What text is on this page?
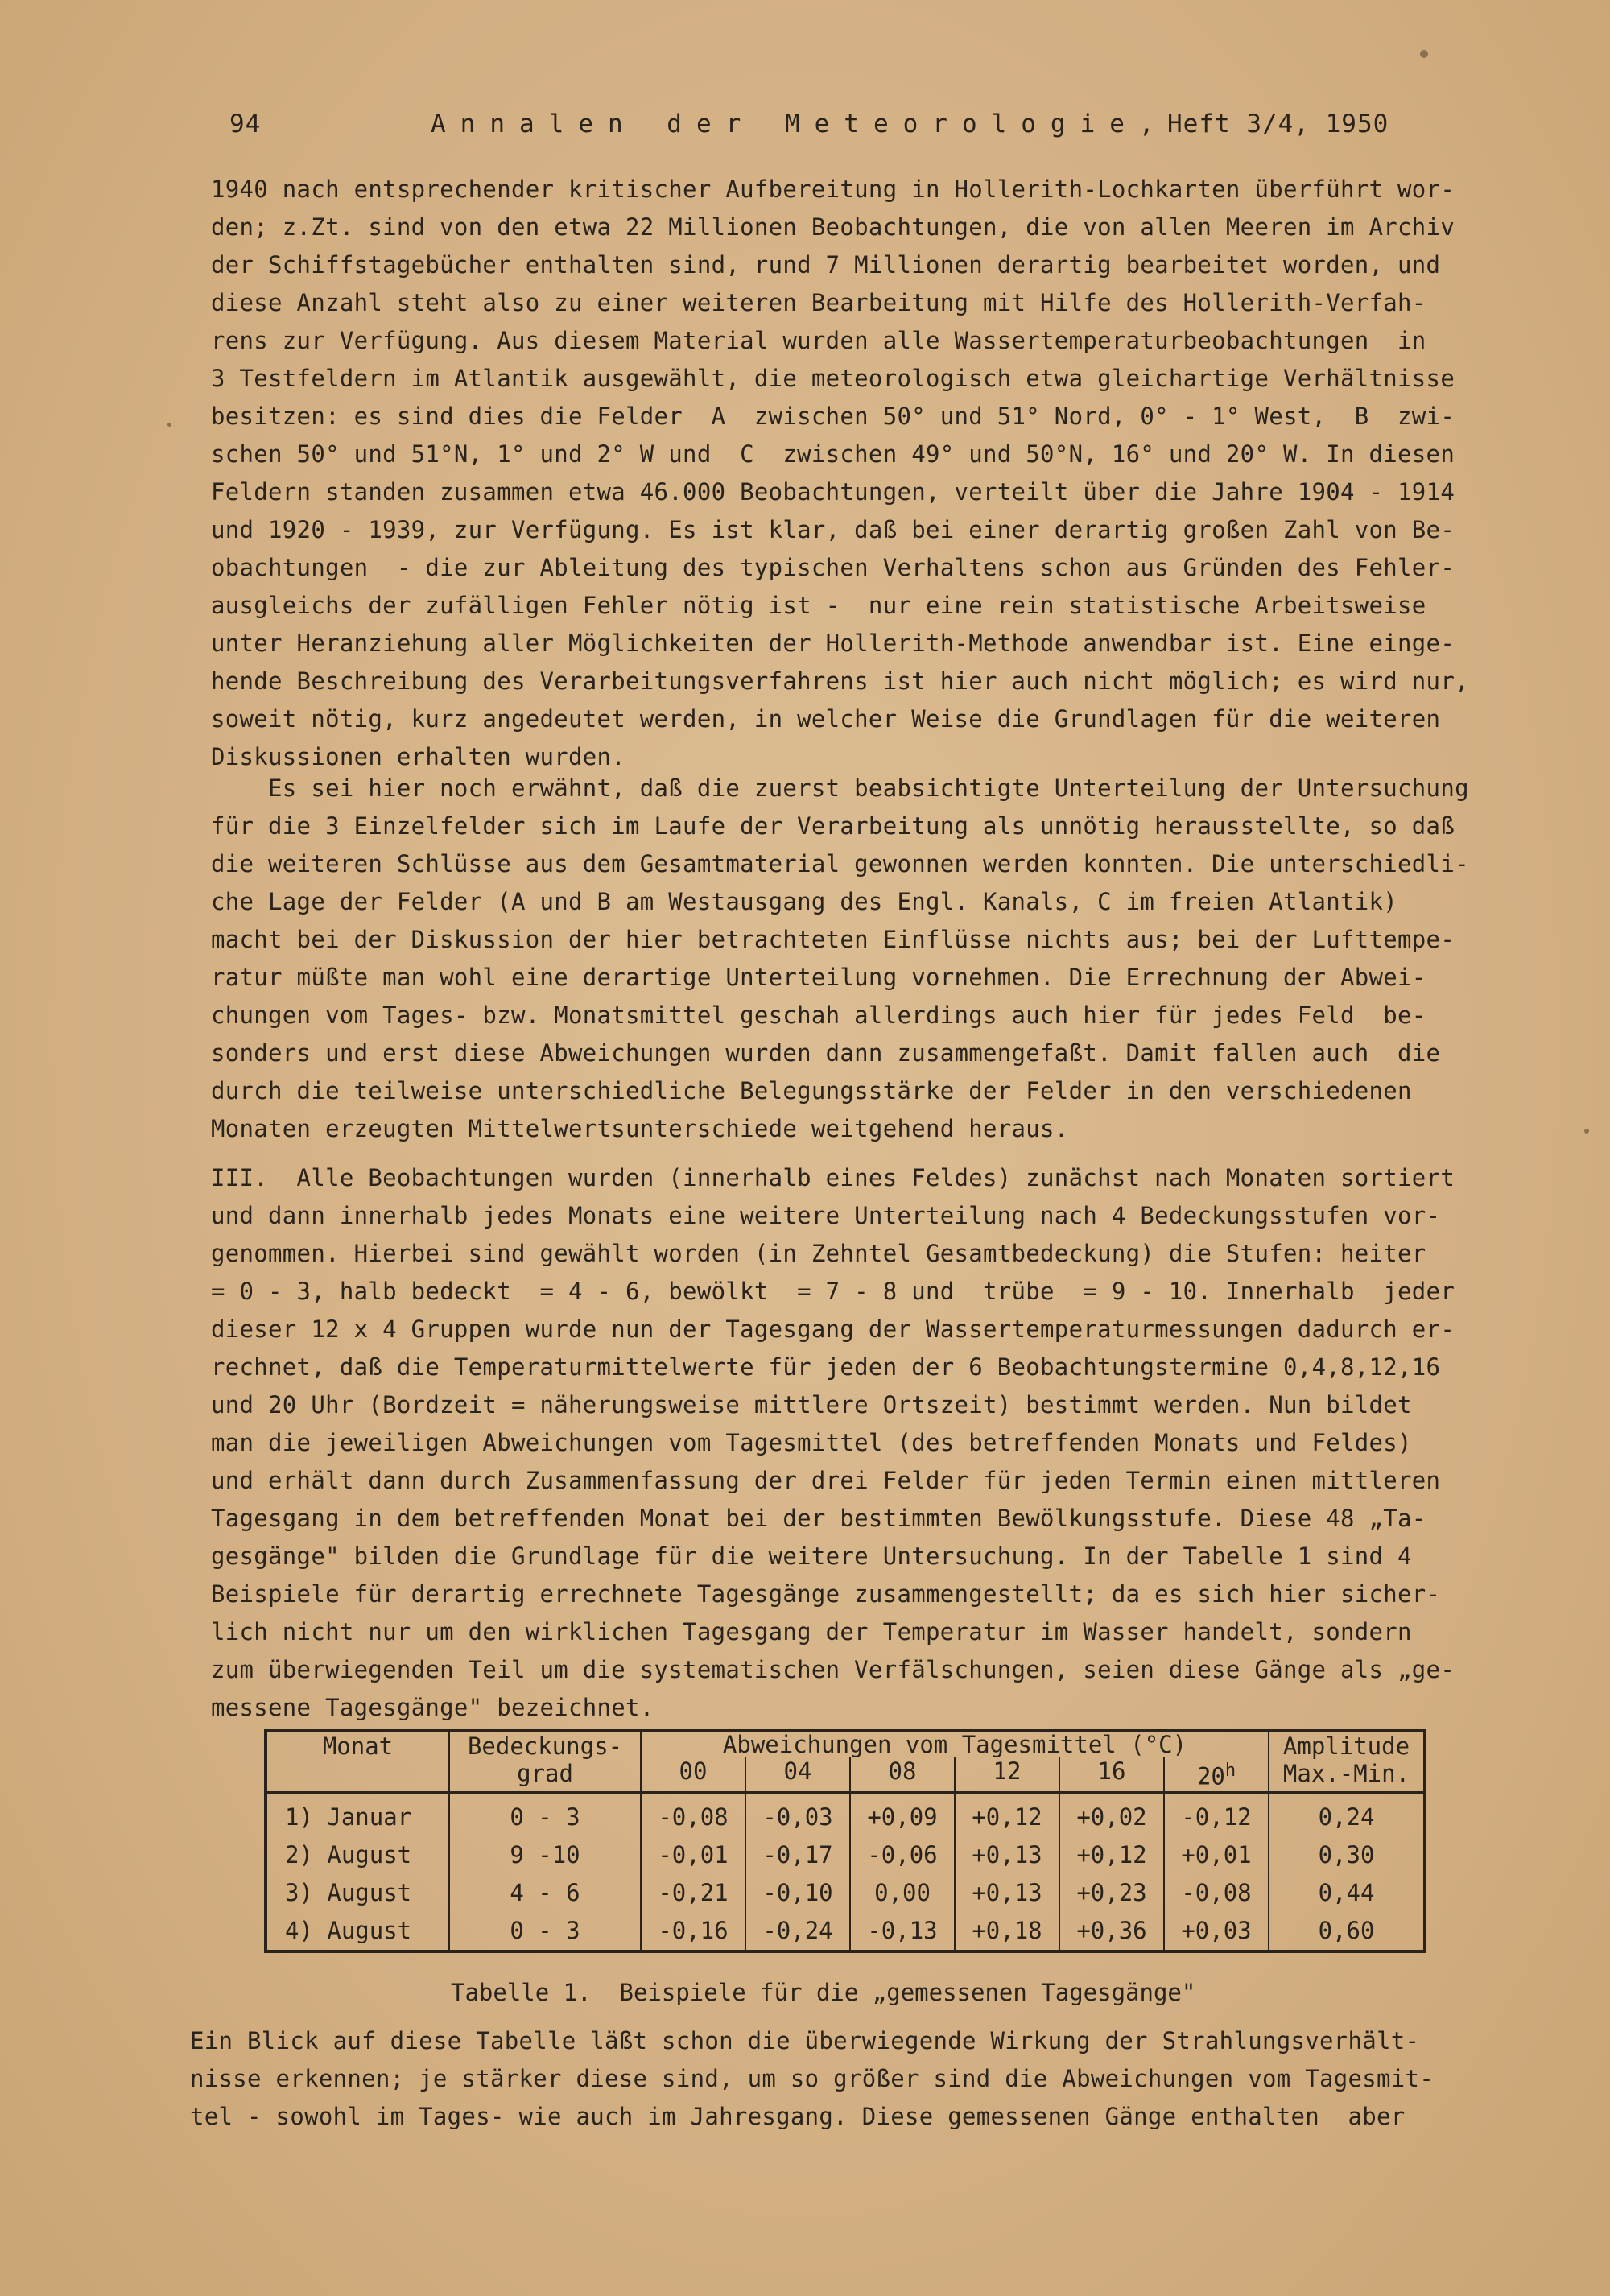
94

	Annalen der Meteorologie,

Heft 3/4, 1950

1940 nach entsprechender kritischer Aufbereitung in Hollerith-Lochkarten überführt wor-
den; z.Zt. sind von den etwa 22 Millionen Beobachtungen, die von allen Meeren im Archiv
der Schiffstagebücher enthalten sind, rund 7 Millionen derartig bearbeitet worden, und
diese Anzahl steht also zu einer weiteren Bearbeitung mit Hilfe des Hollerith-Verfah-
rens zur Verfügung. Aus diesem Material wurden alle Wassertemperaturbeobachtungen  in
3 Testfeldern im Atlantik ausgewählt, die meteorologisch etwa gleichartige Verhältnisse
besitzen: es sind dies die Felder  A  zwischen 50° und 51° Nord, 0° - 1° West,  B  zwi-
schen 50° und 51°N, 1° und 2° W und  C  zwischen 49° und 50°N, 16° und 20° W. In diesen
Feldern standen zusammen etwa 46.000 Beobachtungen, verteilt über die Jahre 1904 - 1914
und 1920 - 1939, zur Verfügung. Es ist klar, daß bei einer derartig großen Zahl von Be-
obachtungen  - die zur Ableitung des typischen Verhaltens schon aus Gründen des Fehler-
ausgleichs der zufälligen Fehler nötig ist -  nur eine rein statistische Arbeitsweise
unter Heranziehung aller Möglichkeiten der Hollerith-Methode anwendbar ist. Eine einge-
hende Beschreibung des Verarbeitungsverfahrens ist hier auch nicht möglich; es wird nur,
soweit nötig, kurz angedeutet werden, in welcher Weise die Grundlagen für die weiteren
Diskussionen erhalten wurden.
Es sei hier noch erwähnt, daß die zuerst beabsichtigte Unterteilung der Untersuchung
für die 3 Einzelfelder sich im Laufe der Verarbeitung als unnötig herausstellte, so daß
die weiteren Schlüsse aus dem Gesamtmaterial gewonnen werden konnten. Die unterschiedli-
che Lage der Felder (A und B am Westausgang des Engl. Kanals, C im freien Atlantik)
macht bei der Diskussion der hier betrachteten Einflüsse nichts aus; bei der Lufttempe-
ratur müßte man wohl eine derartige Unterteilung vornehmen. Die Errechnung der Abwei-
chungen vom Tages- bzw. Monatsmittel geschah allerdings auch hier für jedes Feld  be-
sonders und erst diese Abweichungen wurden dann zusammengefaßt. Damit fallen auch  die
durch die teilweise unterschiedliche Belegungsstärke der Felder in den verschiedenen
Monaten erzeugten Mittelwertsunterschiede weitgehend heraus.
III.  Alle Beobachtungen wurden (innerhalb eines Feldes) zunächst nach Monaten sortiert
und dann innerhalb jedes Monats eine weitere Unterteilung nach 4 Bedeckungsstufen vor-
genommen. Hierbei sind gewählt worden (in Zehntel Gesamtbedeckung) die Stufen: heiter
= 0 - 3, halb bedeckt  = 4 - 6, bewölkt  = 7 - 8 und  trübe  = 9 - 10. Innerhalb  jeder
dieser 12 x 4 Gruppen wurde nun der Tagesgang der Wassertemperaturmessungen dadurch er-
rechnet, daß die Temperaturmittelwerte für jeden der 6 Beobachtungstermine 0,4,8,12,16
und 20 Uhr (Bordzeit = näherungsweise mittlere Ortszeit) bestimmt werden. Nun bildet
man die jeweiligen Abweichungen vom Tagesmittel (des betreffenden Monats und Feldes)
und erhält dann durch Zusammenfassung der drei Felder für jeden Termin einen mittleren
Tagesgang in dem betreffenden Monat bei der bestimmten Bewölkungsstufe. Diese 48 „Ta-
gesgänge" bilden die Grundlage für die weitere Untersuchung. In der Tabelle 1 sind 4
Beispiele für derartig errechnete Tagesgänge zusammengestellt; da es sich hier sicher-
lich nicht nur um den wirklichen Tagesgang der Temperatur im Wasser handelt, sondern
zum überwiegenden Teil um die systematischen Verfälschungen, seien diese Gänge als „ge-
messene Tagesgänge" bezeichnet.
Monat	Bedeckungs-
grad	Abweichungen vom Tagesmittel (°C)						Amplitude
Max.-Min.
		00	04	08	12	16	20$^h$
1) Januar	0 - 3	-0,08	-0,03	+0,09	+0,12	+0,02	-0,12	0,24
2) August	9 -10	-0,01	-0,17	-0,06	+0,13	+0,12	+0,01	0,30
3) August	4 - 6	-0,21	-0,10	0,00	+0,13	+0,23	-0,08	0,44
4) August	0 - 3	-0,16	-0,24	-0,13	+0,18	+0,36	+0,03	0,60
Tabelle 1.  Beispiele für die „gemessenen Tagesgänge"
Ein Blick auf diese Tabelle läßt schon die überwiegende Wirkung der Strahlungsverhält-
nisse erkennen; je stärker diese sind, um so größer sind die Abweichungen vom Tagesmit-
tel - sowohl im Tages- wie auch im Jahresgang. Diese gemessenen Gänge enthalten  aber
